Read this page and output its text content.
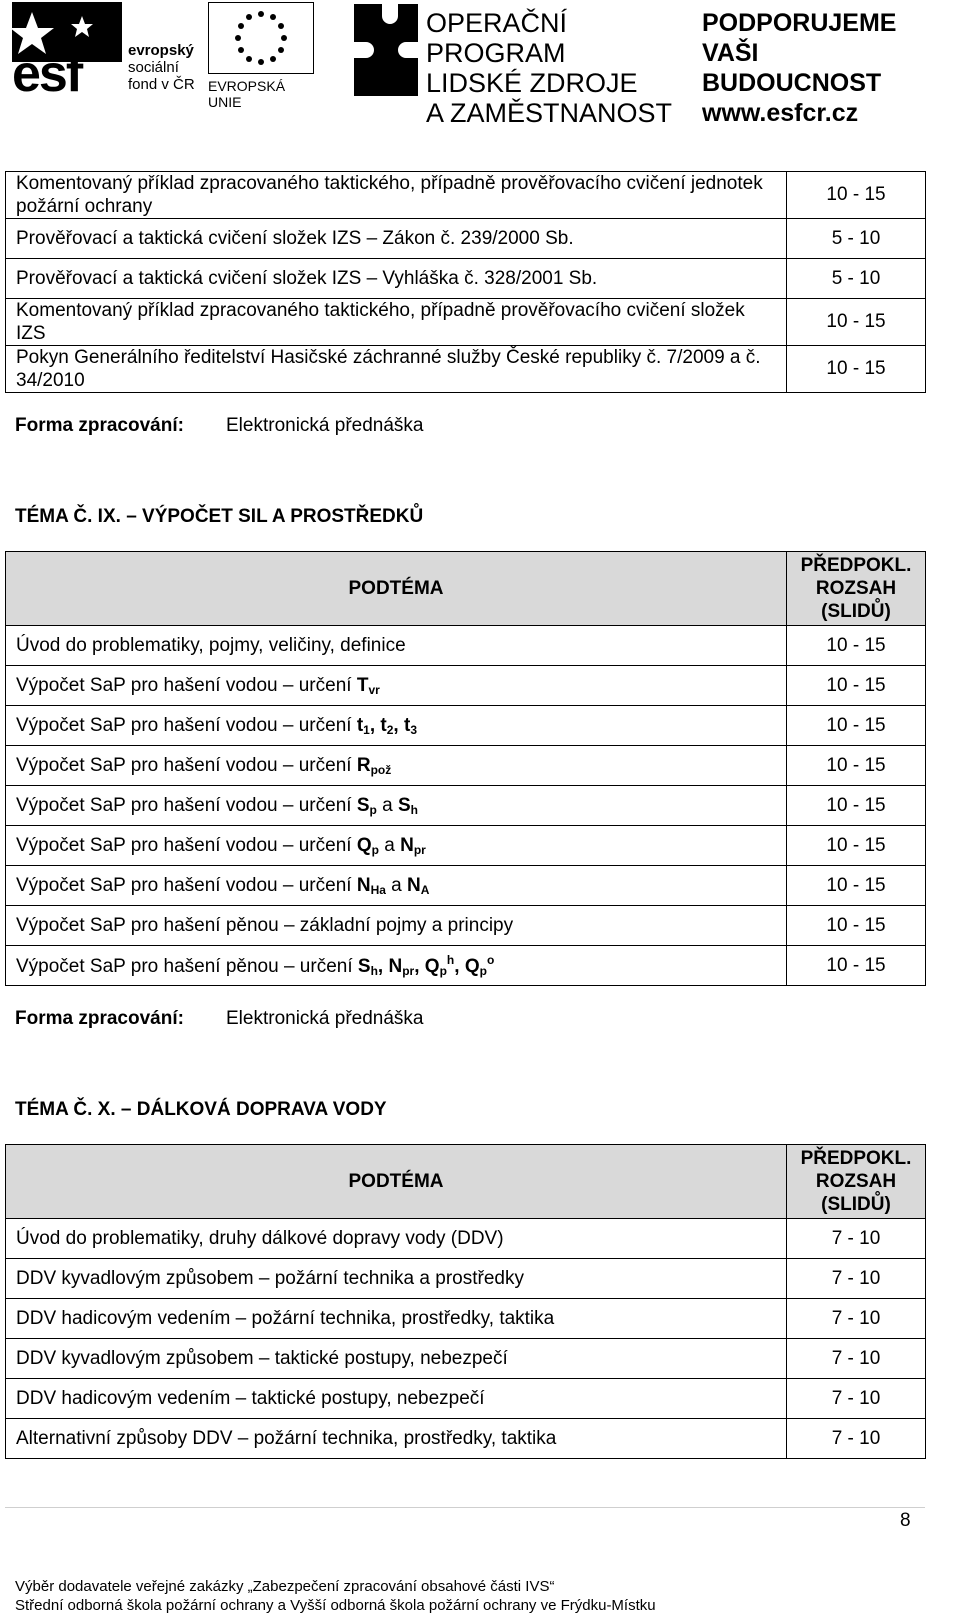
esf	evropský
sociální
fond v ČR EVROPSKÁ UNIE
OPERAČNÍ PROGRAM
LIDSKÉ ZDROJE
A ZAMĚSTNANOST
PODPORUJEME
VAŠI BUDOUCNOST
www.esfcr.cz
Komentovaný příklad zpracovaného taktického, případně prověřovacího cvičení jednotek požární ochrany	10 - 15
Prověřovací a taktická cvičení složek IZS – Zákon č. 239/2000 Sb.	5 - 10
Prověřovací a taktická cvičení složek IZS – Vyhláška č. 328/2001 Sb.	5 - 10
Komentovaný příklad zpracovaného taktického, případně prověřovacího cvičení složek IZS	10 - 15
Pokyn Generálního ředitelství Hasičské záchranné služby České republiky č. 7/2009 a č. 34/2010	10 - 15
Forma zpracování: Elektronická přednáška
TÉMA Č. IX. – VÝPOČET SIL A PROSTŘEDKŮ
PODTÉMA	PŘEDPOKL.
ROZSAH
(SLIDŮ)

Úvod do problematiky, pojmy, veličiny, definice	10 - 15
Výpočet SaP pro hašení vodou – určení $T_{vr}$	10 - 15
Výpočet SaP pro hašení vodou – určení $t_1$, $t_2$, $t_3$	10 - 15
Výpočet SaP pro hašení vodou – určení $R_{pož}$	10 - 15
Výpočet SaP pro hašení vodou – určení $S_p$ a $S_h$	10 - 15
Výpočet SaP pro hašení vodou – určení $Q_p$ a $N_{pr}$	10 - 15
Výpočet SaP pro hašení vodou – určení $N_{Ha}$ a $N_A$	10 - 15
Výpočet SaP pro hašení pěnou – základní pojmy a principy	10 - 15
Výpočet SaP pro hašení pěnou – určení $S_h$, $N_{pr}$, $Q_p^h$, $Q_p^o$	10 - 15
Forma zpracování: Elektronická přednáška
TÉMA Č. X. – DÁLKOVÁ DOPRAVA VODY
PODTÉMA	PŘEDPOKL.
ROZSAH
(SLIDŮ)

Úvod do problematiky, druhy dálkové dopravy vody (DDV)	7 - 10
DDV kyvadlovým způsobem – požární technika a prostředky	7 - 10
DDV hadicovým vedením – požární technika, prostředky, taktika	7 - 10
DDV kyvadlovým způsobem – taktické postupy, nebezpečí	7 - 10
DDV hadicovým vedením – taktické postupy, nebezpečí	7 - 10
Alternativní způsoby DDV – požární technika, prostředky, taktika	7 - 10
8
Výběr dodavatele veřejné zakázky „Zabezpečení zpracování obsahové části IVS“
Střední odborná škola požární ochrany a Vyšší odborná škola požární ochrany ve Frýdku-Místku
